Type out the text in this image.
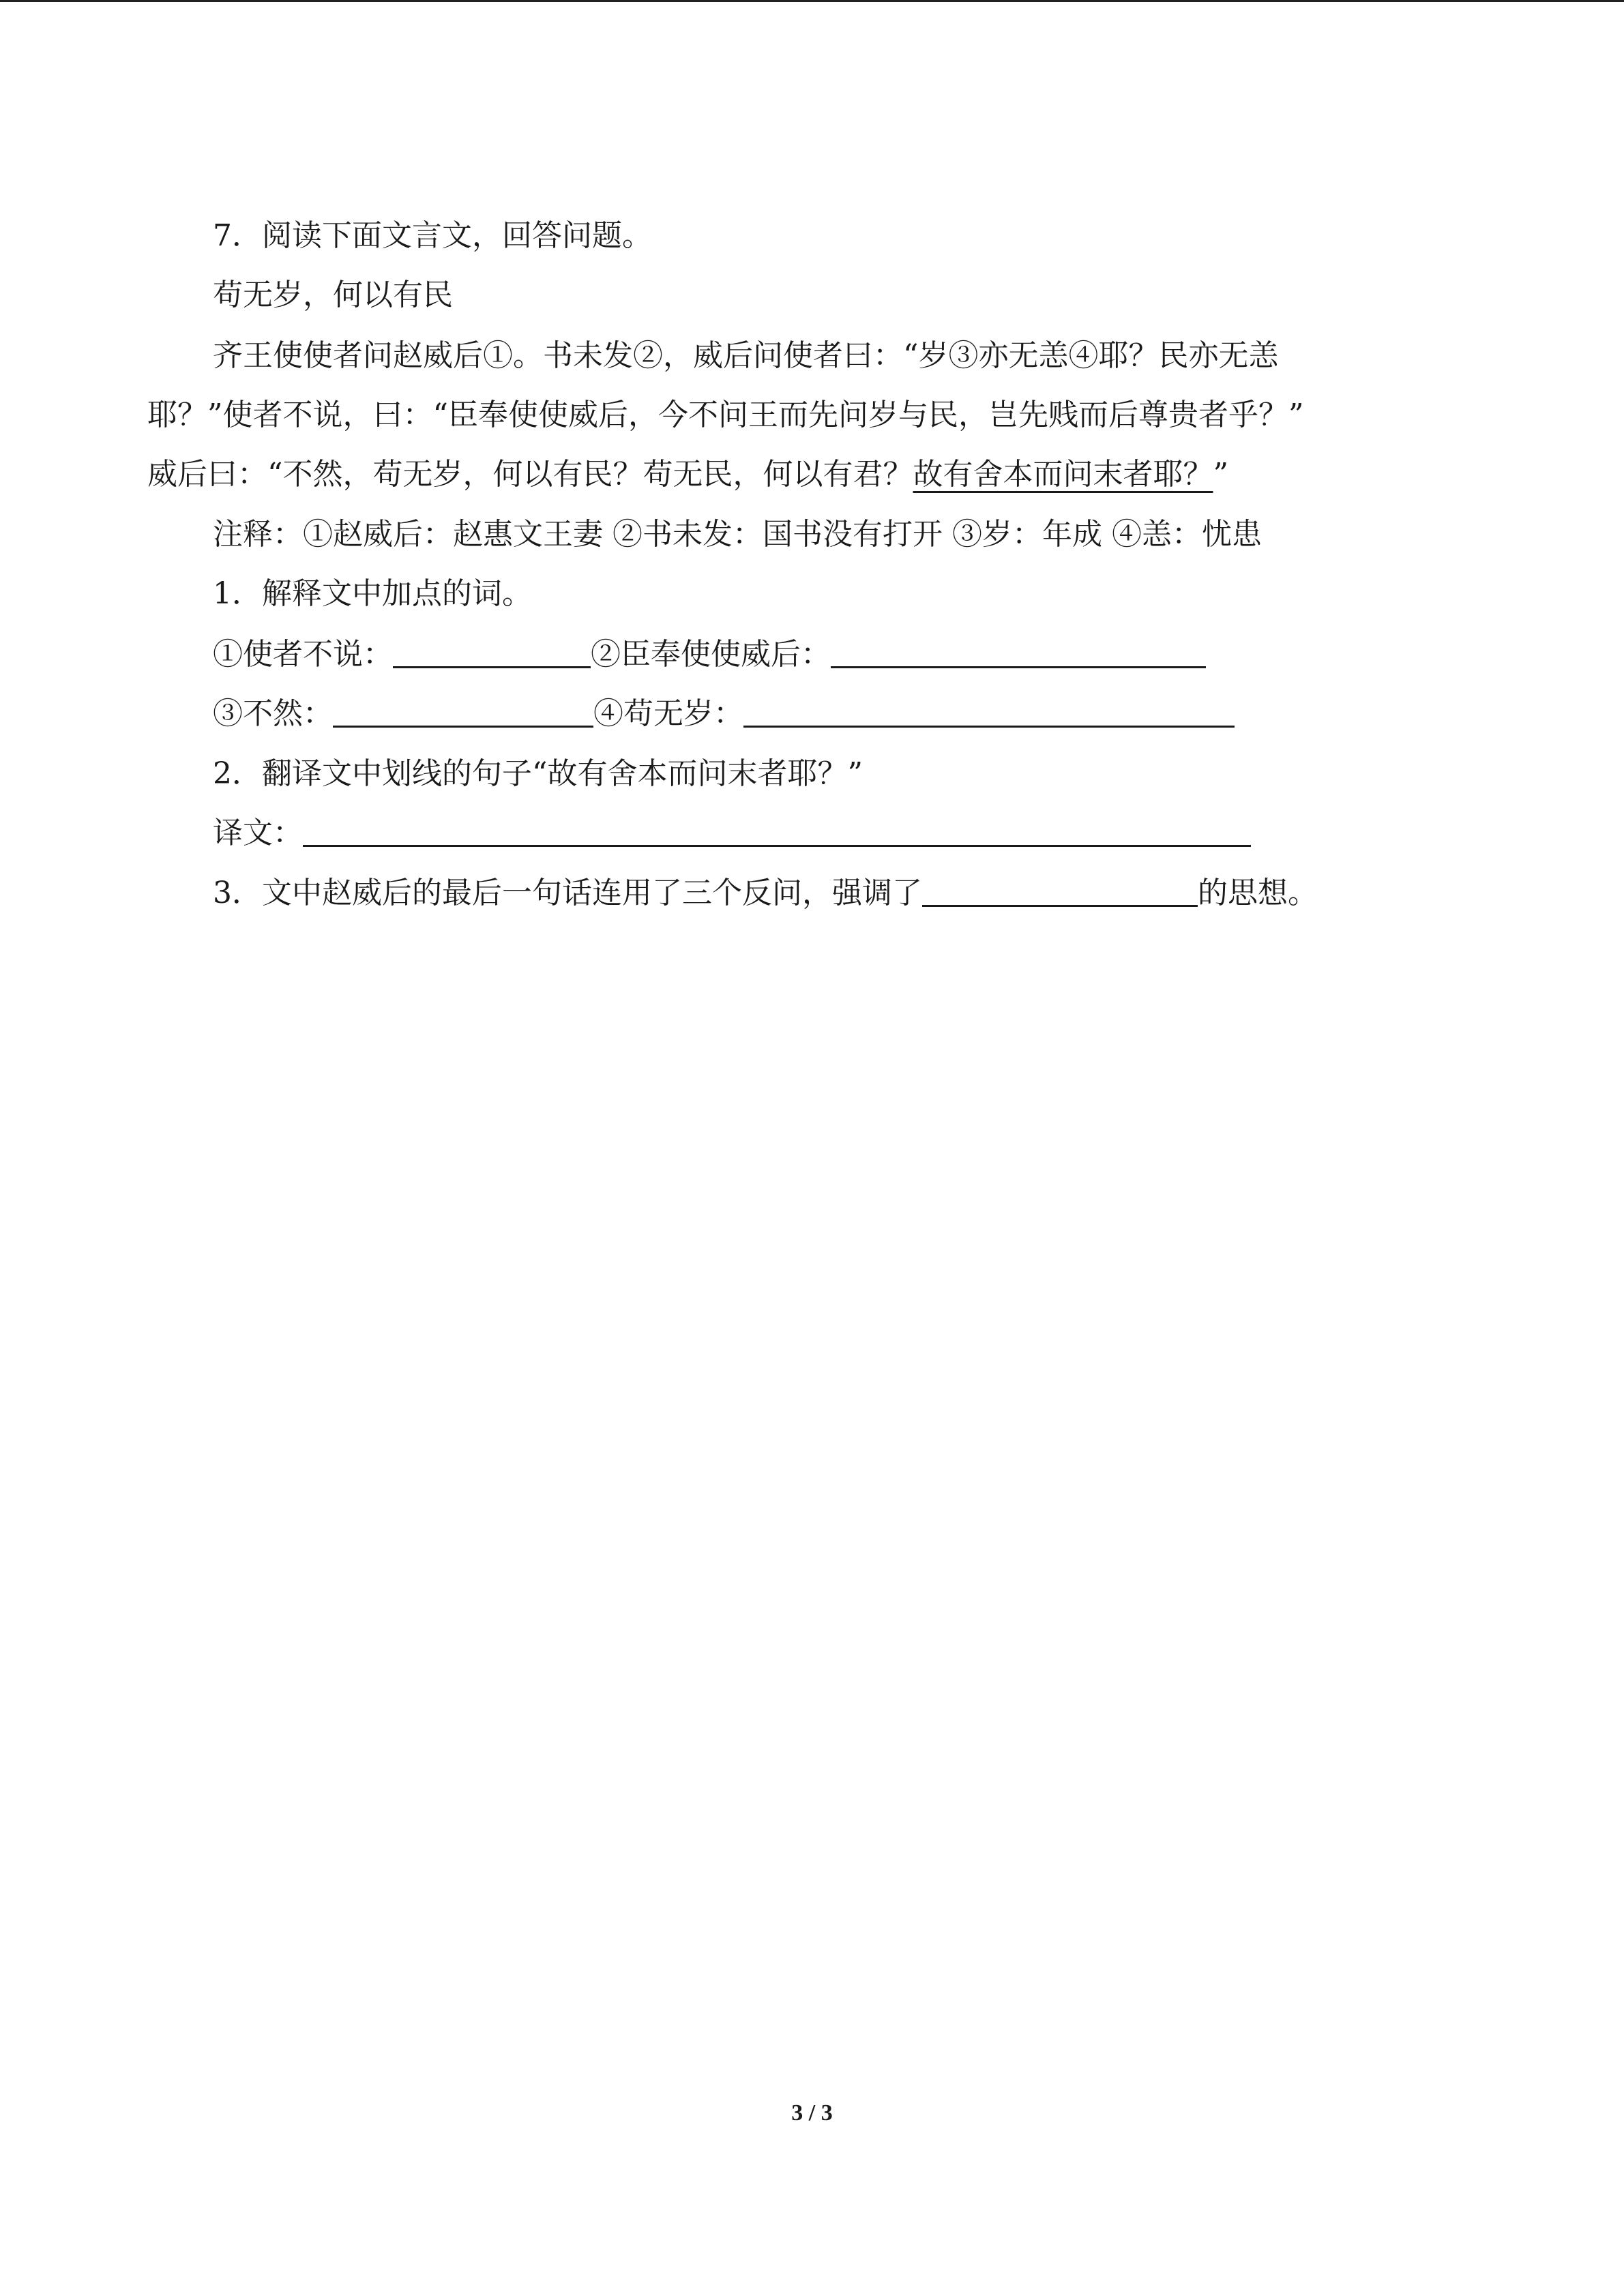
7．阅读下面文言文，回答问题。
苟无岁，何以有民
齐王使使者问赵威后①。书未发②，威后问使者曰：“岁③亦无恙④耶？民亦无恙
耶？”使者不说，曰：“臣奉使使威后，今不问王而先问岁与民，岂先贱而后尊贵者乎？”
威后曰：“不然，苟无岁，何以有民？苟无民，何以有君？故有舍本而问末者耶？”
注释：①赵威后：赵惠文王妻 ②书未发：国书没有打开 ③岁：年成 ④恙：忧患
1．解释文中加点的词。
①使者不说：	②臣奉使使威后：
③不然：	④苟无岁：
2．翻译文中划线的句子“故有舍本而问末者耶？”
译文：
3．文中赵威后的最后一句话连用了三个反问，强调了	的思想。
3 / 3
